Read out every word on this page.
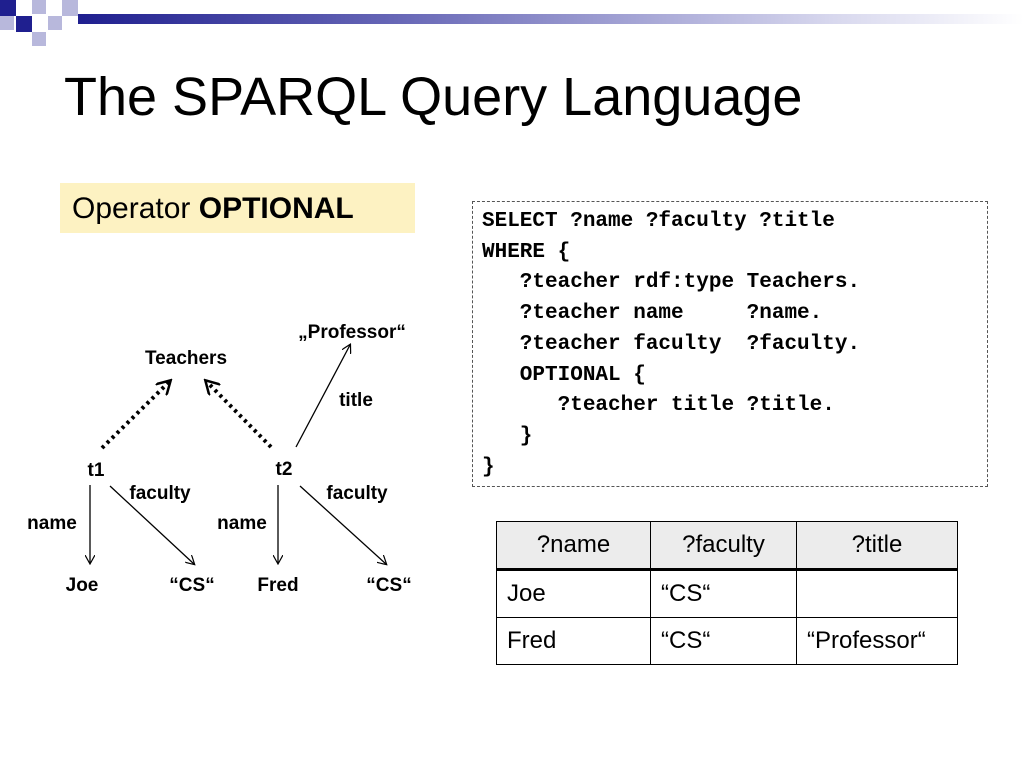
The SPARQL Query Language
Operator OPTIONAL	SELECT ?name ?faculty ?title
WHERE {
?teacher rdf:type Teachers.
?teacher name     ?name.
?teacher faculty  ?faculty.
OPTIONAL {
?teacher title ?title.
}
}
Teachers
„Professor“
t1	t2
Joe	“CS“ Fred	“CS“
title
faculty	faculty
name	name
?name	?faculty	?title
Joe	“CS“	
Fred	“CS“	“Professor“
